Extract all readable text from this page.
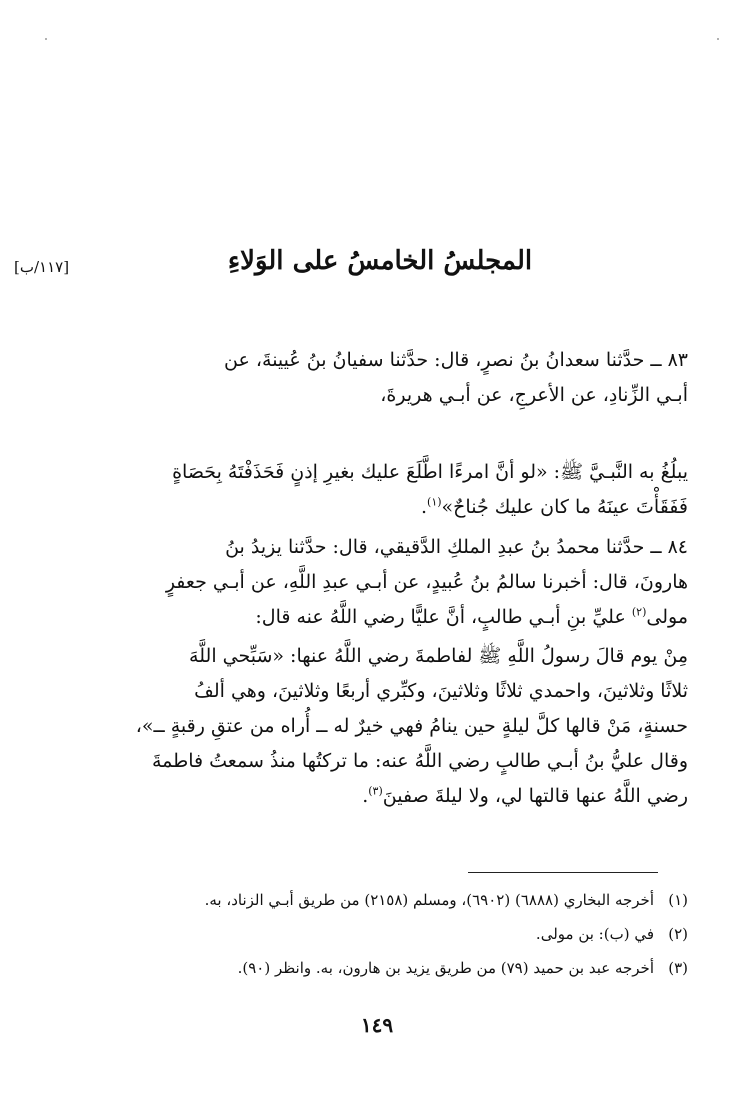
[١١٧/ب]	المجلسُ الخامسُ على الوَلاءِ
٨٣ ــ حدَّثنا سعدانُ بنُ نصرٍ، قال: حدَّثنا سفيانُ بنُ عُيينةَ، عن
أبـي الزِّنادِ، عن الأعرجِ، عن أبـي هريرةَ،
يبلُغُ به النَّبـيَّ ﷺ: «لو أنَّ امرءًا اطَّلَعَ عليك بغيرِ إذنٍ فَحَذَفْتَهُ بِحَصَاةٍ
فَفَقَأْتَ عينَهُ ما كان عليك جُناحٌ»$^{(١)}$.
٨٤ ــ حدَّثنا محمدُ بنُ عبدِ الملكِ الدَّقيقي، قال: حدَّثنا يزيدُ بنُ
هارونَ، قال: أخبرنا سالمُ بنُ عُبيدٍ، عن أبـي عبدِ اللَّهِ، عن أبـي جعفرٍ
مولى$^{(٢)}$ عليِّ بنِ أبـي طالبٍ، أنَّ عليًّا رضي اللَّهُ عنه قال:
مِنْ يوم قالَ رسولُ اللَّهِ ﷺ لفاطمةَ رضي اللَّهُ عنها: «سَبِّحي اللَّهَ
ثلاثًا وثلاثينَ، واحمدي ثلاثًا وثلاثينَ، وكبِّري أربعًا وثلاثينَ، وهي ألفُ
حسنةٍ، مَنْ قالها كلَّ ليلةٍ حين ينامُ فهي خيرٌ له ــ أُراه من عتقِ رقبةٍ ــ»،
وقال عليُّ بنُ أبـي طالبٍ رضي اللَّهُ عنه: ما تركتُها منذُ سمعتُ فاطمةَ
رضي اللَّهُ عنها قالتها لي، ولا ليلةَ صفينَ$^{(٣)}$.
(١)أخرجه البخاري (٦٨٨٨) (٦٩٠٢)، ومسلم (٢١٥٨) من طريق أبـي الزناد، به.
(٢)في (ب): بن مولى.
(٣)أخرجه عبد بن حميد (٧٩) من طريق يزيد بن هارون، به. وانظر (٩٠).
١٤٩
